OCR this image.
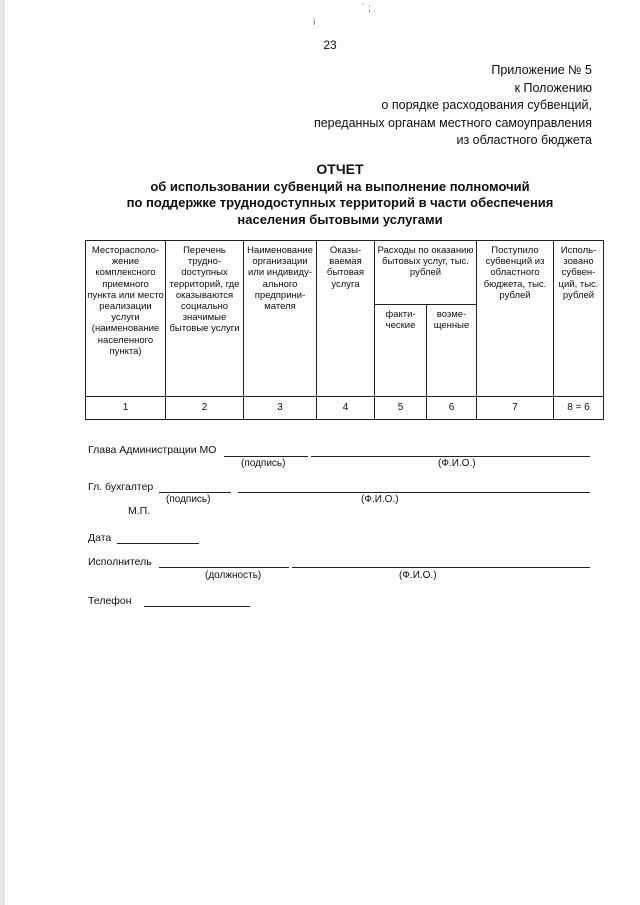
˙ ;
ⅰ
23
Приложение № 5
к Положению
о порядке расходования субвенций,
переданных органам местного самоуправления
из областного бюджета
ОТЧЕТ
об использовании субвенций на выполнение полномочий
по поддержке труднодоступных территорий в части обеспечения
населения бытовыми услугами
Месторасположение комплексного приемного пункта или место реализации услуги (наименование населенного пункта)	Перечень трудноdоступных территорий, где оказываются социально значимые бытовые услуги	Наименование организации или индивидуального предпринимателя	Оказываемая бытовая услуга	Расходы по оказанию бытовых услуг, тыс. рублей		Поступило субвенций из областного бюджета, тыс. рублей	Использовано субвенций, тыс. рублей
				фактические	возмещенные		
1	2	3	4	5	6	7	8 = 6
Глава Администрации МО
(подпись)	(Ф.И.О.)
Гл. бухгалтер
(подпись)	(Ф.И.О.)
М.П.
Дата
Исполнитель
(должность)	(Ф.И.О.)
Телефон
